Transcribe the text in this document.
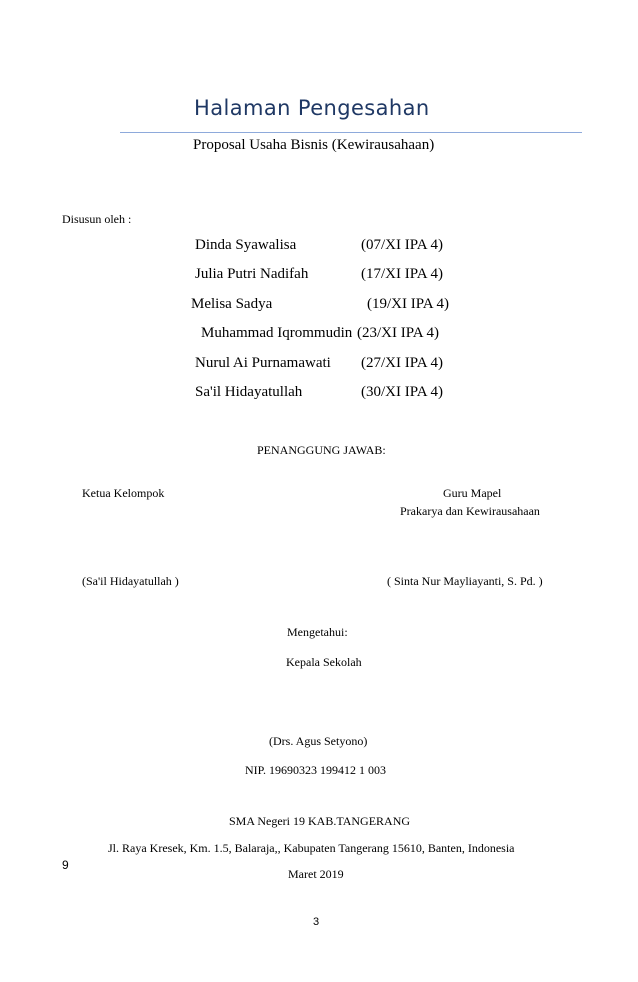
Halaman Pengesahan
Proposal Usaha Bisnis (Kewirausahaan)
Disusun oleh :
Dinda Syawalisa	(07/XI IPA 4)
Julia Putri Nadifah	(17/XI IPA 4)
Melisa Sadya	(19/XI IPA 4)
Muhammad Iqrommudin (23/XI IPA 4)
Nurul Ai Purnamawati (27/XI IPA 4)
Sa'il Hidayatullah	(30/XI IPA 4)
PENANGGUNG JAWAB:
Ketua Kelompok	Guru Mapel
Prakarya dan Kewirausahaan
(Sa'il Hidayatullah )	( Sinta Nur Mayliayanti, S. Pd. )
Mengetahui:
Kepala Sekolah
(Drs. Agus Setyono)
NIP. 19690323 199412 1 003
SMA Negeri 19 KAB.TANGERANG
Jl. Raya Kresek, Km. 1.5, Balaraja,, Kabupaten Tangerang 15610, Banten, Indonesia
Maret 2019
9
3
